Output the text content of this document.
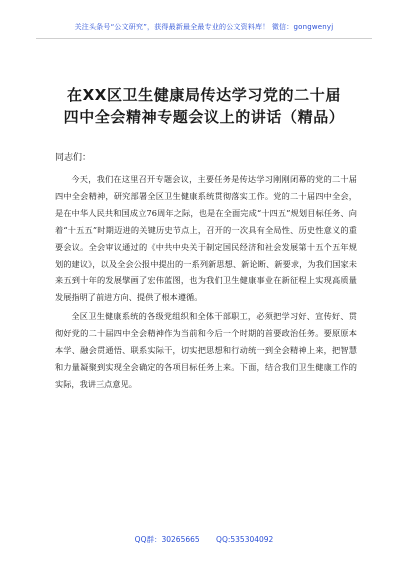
关注头条号“公文研究”，获得最新最全最专业的公文资料库！ 微信：gongwenyj
在XX区卫生健康局传达学习党的二十届
四中全会精神专题会议上的讲话（精品）
同志们：

今天，我们在这里召开专题会议，主要任务是传达学习刚刚闭幕的党的二十届四中全会精神，研究部署全区卫生健康系统贯彻落实工作。党的二十届四中全会，是在中华人民共和国成立76周年之际，也是在全面完成“十四五”规划目标任务、向着“十五五”时期迈进的关键历史节点上，召开的一次具有全局性、历史性意义的重要会议。全会审议通过的《中共中央关于制定国民经济和社会发展第十五个五年规划的建议》，以及全会公报中提出的一系列新思想、新论断、新要求，为我们国家未来五到十年的发展擘画了宏伟蓝图，也为我们卫生健康事业在新征程上实现高质量发展指明了前进方向、提供了根本遵循。

全区卫生健康系统的各级党组织和全体干部职工，必须把学习好、宣传好、贯彻好党的二十届四中全会精神作为当前和今后一个时期的首要政治任务。要原原本本学、融会贯通悟、联系实际干，切实把思想和行动统一到全会精神上来，把智慧和力量凝聚到实现全会确定的各项目标任务上来。下面，结合我们卫生健康工作的实际，我讲三点意见。

QQ群：30265665 QQ:535304092
